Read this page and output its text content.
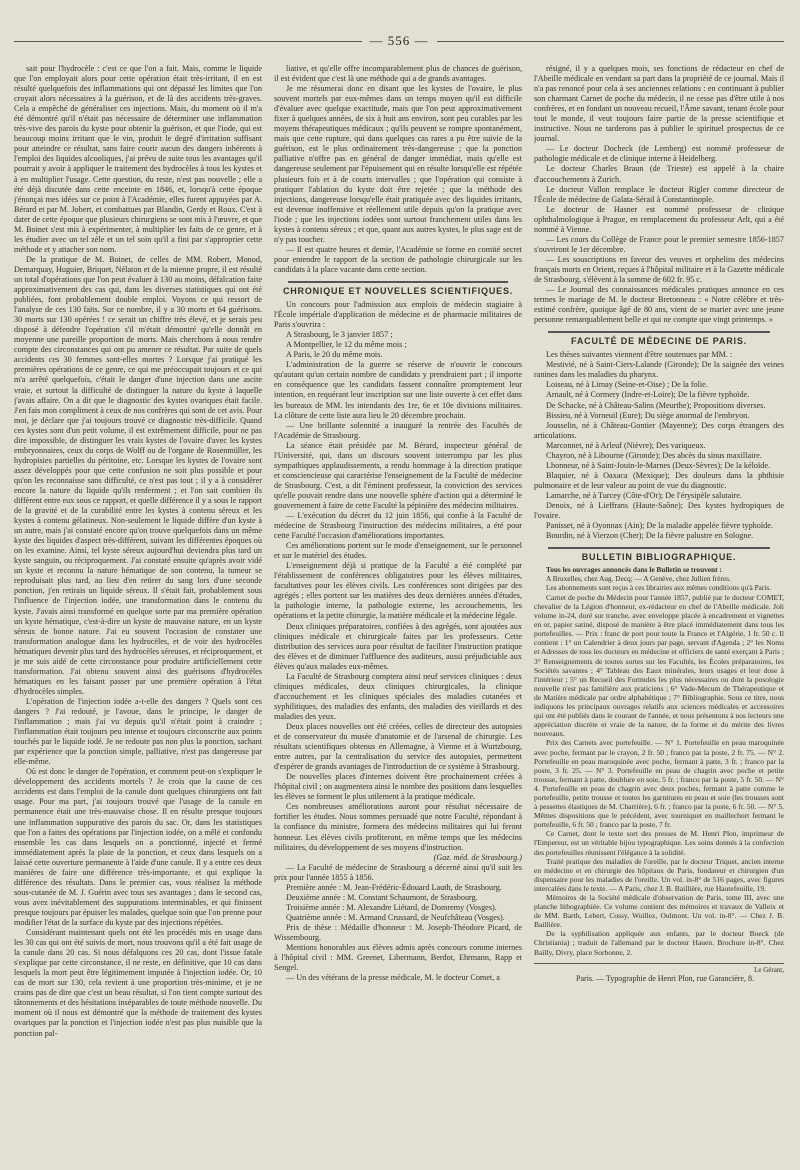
— 556 —

sait pour l'hydrocèle : c'est ce que l'on a fait. Mais, comme le liquide que l'on employait alors pour cette opération était très-irritant, il en est résulté quelquefois des inflammations qui ont dépassé les limites que l'on croyait alors nécessaires à la guérison, et de là des accidents très-graves. Cela a empêché de généraliser ces injections. Mais, du moment où il m'a été démontré qu'il n'était pas nécessaire de déterminer une inflammation très-vive des parois du kyste pour obtenir la guérison, et que l'iode, qui est beaucoup moins irritant que le vin, produit le degré d'irritation suffisant pour atteindre ce résultat, sans faire courir aucun des dangers inhérents à l'emploi des liquides alcooliques, j'ai prévu de suite tous les avantages qu'il pourrait y avoir à appliquer le traitement des hydrocèles à tous les kystes et à en multiplier l'usage. Cette question, du reste, n'est pas nouvelle ; elle a été déjà discutée dans cette enceinte en 1846, et, lorsqu'à cette époque j'énonçai mes idées sur ce point à l'Académie, elles furent appuyées par A. Bérard et par M. Jobert, et combattues par Blandin, Gerdy et Roux. C'est à dater de cette époque que plusieurs chirurgiens se sont mis à l'œuvre, et que M. Boinet s'est mis à expérimenter, à multiplier les faits de ce genre, et à les étudier avec un tel zèle et un tel soin qu'il a fini par s'approprier cette méthode et y attacher son nom.

De la pratique de M. Boinet, de celles de MM. Robert, Monod, Demarquay, Huguier, Briquet, Nélaton et de la mienne propre, il est résulté un total d'opérations que l'on peut évaluer à 130 au moins, défalcation faite approximativement des cas qui, dans les diverses statistiques qui ont été publiées, font probablement double emploi. Voyons ce qui ressort de l'analyse de ces 130 faits. Sur ce nombre, il y a 30 morts et 64 guérisons. 30 morts sur 130 opérées ! ce serait un chiffre très élevé, et je serais peu disposé à défendre l'opération s'il m'était démontré qu'elle donnât en moyenne une pareille proportion de morts. Mais cherchons à nous rendre compte des circonstances qui ont pu amener ce résultat. Par suite de quels accidents ces 30 femmes sont-elles mortes ? Lorsque j'ai pratiqué les premières opérations de ce genre, ce qui me préoccupait toujours et ce qui m'a arrêté quelquefois, c'était le danger d'une injection dans une ascite vraie, et surtout la difficulté de distinguer la nature du kyste à laquelle j'avais affaire. On a dit que le diagnostic des kystes ovariques était facile. J'en fais mon compliment à ceux de nos confrères qui sont de cet avis. Pour moi, je déclare que j'ai toujours trouvé ce diagnostic très-difficile. Quand ces kystes sont d'un petit volume, il est extrêmement difficile, pour ne pas dire impossible, de distinguer les vrais kystes de l'ovaire d'avec les kystes embryonnaires, ceux du corps de Wolff ou de l'organe de Rosenmüller, les hydropisies partielles du péritoine, etc. Lorsque les kystes de l'ovaire sont assez développés pour que cette confusion ne soit plus possible et pour qu'on les reconnaisse sans difficulté, ce n'est pas tout ; il y a à considérer encore la nature du liquide qu'ils renferment ; et l'on sait combien ils diffèrent entre eux sous ce rapport, et quelle différence il y a sous le rapport de la gravité et de la curabilité entre les kystes à contenu séreux et les kystes à contenu gélatineux. Non-seulement le liquide diffère d'un kyste à un autre, mais j'ai constaté encore qu'on trouve quelquefois dans un même kyste des liquides d'aspect très-différent, suivant les différentes époques où on les examine. Ainsi, tel kyste séreux aujourd'hui deviendra plus tard un kyste sanguin, ou réciproquement. J'ai constaté ensuite qu'après avoir vidé un kyste et reconnu la nature hématique de son contenu, la tumeur se reproduisait plus tard, au lieu d'en retirer du sang lors d'une seconde ponction, j'en retirais un liquide séreux. Il s'était fait, probablement sous l'influence de l'injection iodée, une transformation dans le contenu du kyste. J'avais ainsi transformé en quelque sorte par ma première opération un kyste hématique, c'est-à-dire un kyste de mauvaise nature, en un kyste séreux de bonne nature. J'ai eu souvent l'occasion de constater une transformation analogue dans les hydrocèles, et de voir des hydrocèles hématiques devenir plus tard des hydrocèles séreuses, et réciproquement, et je me suis aidé de cette circonstance pour produire artificiellement cette transformation. J'ai obtenu souvent ainsi des guérisons d'hydrocèles hématiques en les faisant passer par une première opération à l'état d'hydrocèles simples.

L'opération de l'injection iodée a-t-elle des dangers ? Quels sont ces dangers ? J'ai redouté, je l'avoue, dans le principe, le danger de l'inflammation ; mais j'ai vu depuis qu'il n'était point à craindre ; l'inflammation était toujours peu intense et toujours circonscrite aux points touchés par le liquide iodé. Je ne redoute pas non plus la ponction, sachant par expérience que la ponction simple, palliative, n'est pas dangereuse par elle-même.

Où est donc le danger de l'opération, et comment peut-on s'expliquer le développement des accidents mortels ? Je crois que la cause de ces accidents est dans l'emploi de la canule dont quelques chirurgiens ont fait usage. Pour ma part, j'ai toujours trouvé que l'usage de la canule en permanence était une très-mauvaise chose. Il en résulte presque toujours une inflammation suppurative des parois du sac. Or, dans les statistiques que l'on a faites des opérations par l'injection iodée, on a mêlé et confondu ensemble les cas dans lesquels on a ponctionné, injecté et fermé immédiatement après la plaie de la ponction, et ceux dans lesquels on a laissé cette ouverture permanente à l'aide d'une canule. Il y a entre ces deux manières de faire une différence très-importante, et qui explique la différence des résultats. Dans le premier cas, vous réalisez la méthode sous-cutanée de M. J. Guérin avec tous ses avantages ; dans le second cas, vous avez inévitablement des suppurations interminables, et qui finissent presque toujours par épuiser les malades, quelque soin que l'on prenne pour modifier l'état de la surface du kyste par des injections répétées.

Considérant maintenant quels ont été les procédés mis en usage dans les 30 cas qui ont été suivis de mort, nous trouvons qu'il a été fait usage de la canule dans 20 cas. Si nous défalquons ces 20 cas, dont l'issue fatale s'explique par cette circonstance, il ne reste, en définitive, que 10 cas dans lesquels la mort peut être légitimement imputée à l'injection iodée. Or, 10 cas de mort sur 130, cela revient à une proportion très-minime, et je ne crains pas de dire que c'est un beau résultat, si l'on tient compte surtout des tâtonnements et des hésitations inséparables de toute méthode nouvelle. Du moment où il nous est démontré que la méthode de traitement des kystes ovariques par la ponction et l'injection iodée n'est pas plus nuisible que la ponction pal-

liative, et qu'elle offre incomparablement plus de chances de guérison, il est évident que c'est là une méthode qui a de grands avantages.

Je me résumerai donc en disant que les kystes de l'ovaire, le plus souvent mortels par eux-mêmes dans un temps moyen qu'il est difficile d'évaluer avec quelque exactitude, mais que l'on peut approximativement fixer à quelques années, de six à huit ans environ, sont peu curables par les moyens thérapeutiques médicaux ; qu'ils peuvent se rompre spontanément, mais que cette rupture, qui dans quelques cas rares a pu être suivie de la guérison, est le plus ordinairement très-dangereuse ; que la ponction palliative n'offre pas en général de danger immédiat, mais qu'elle est dangereuse seulement par l'épuisement qui en résulte lorsqu'elle est répétée plusieurs fois et à de courts intervalles ; que l'opération qui consiste à pratiquer l'ablation du kyste doit être rejetée ; que la méthode des injections, dangereuse lorsqu'elle était pratiquée avec des liquides irritants, est devenue inoffensive et réellement utile depuis qu'on la pratique avec l'iode ; que les injections iodées sont surtout franchement utiles dans les kystes à contenu séreux ; et que, quant aux autres kystes, le plus sage est de n'y pas toucher.

— Il est quatre heures et demie, l'Académie se forme en comité secret pour entendre le rapport de la section de pathologie chirurgicale sur les candidats à la place vacante dans cette section.

CHRONIQUE ET NOUVELLES SCIENTIFIQUES.

Un concours pour l'admission aux emplois de médecin stagiaire à l'École impériale d'application de médecine et de pharmacie militaires de Paris s'ouvrira :

A Strasbourg, le 3 janvier 1857 ;

A Montpellier, le 12 du même mois ;

A Paris, le 20 du même mois.

L'administration de la guerre se réserve de n'ouvrir le concours qu'autant qu'un certain nombre de candidats y prendraient part ; il importe en conséquence que les candidats fassent connaître promptement leur intention, en requérant leur inscription sur une liste ouverte à cet effet dans les bureaux de MM. les intendants des 1re, 6e et 10e divisions militaires. La clôture de cette liste aura lieu le 20 décembre prochain.

— Une brillante solennité a inauguré la rentrée des Facultés de l'Académie de Strasbourg.

La séance était présidée par M. Bérard, inspecteur général de l'Université, qui, dans un discours souvent interrompu par les plus sympathiques applaudissements, a rendu hommage à la direction pratique et consciencieuse qui caractérise l'enseignement de la Faculté de médecine de Strasbourg. C'est, a dit l'éminent professeur, la conviction des services qu'elle pouvait rendre dans une nouvelle sphère d'action qui a déterminé le gouvernement à faire de cette Faculté la pépinière des médecins militaires.

— L'exécution du décret du 12 juin 1856, qui confie à la Faculté de médecine de Strasbourg l'instruction des médecins militaires, a été pour cette Faculté l'occasion d'améliorations importantes.

Ces améliorations portent sur le mode d'enseignement, sur le personnel et sur le matériel des études.

L'enseignement déjà si pratique de la Faculté a été complété par l'établissement de conférences obligatoires pour les élèves militaires, facultatives pour les élèves civils. Les conférences sont dirigées par des agrégés ; elles portent sur les matières des deux dernières années d'études, la pathologie interne, la pathologie externe, les accouchements, les opérations et la petite chirurgie, la matière médicale et la médecine légale.

Deux cliniques préparatoires, confiées à des agrégés, sont ajoutées aux cliniques médicale et chirurgicale faites par les professeurs. Cette distribution des services aura pour résultat de faciliter l'instruction pratique des élèves et de diminuer l'affluence des auditeurs, aussi préjudiciable aux élèves qu'aux malades eux-mêmes.

La Faculté de Strasbourg comptera ainsi neuf services cliniques : deux cliniques médicales, deux cliniques chirurgicales, la clinique d'accouchement et les cliniques spéciales des maladies cutanées et syphilitiques, des maladies des enfants, des maladies des vieillards et des maladies des yeux.

Deux places nouvelles ont été créées, celles de directeur des autopsies et de conservateur du musée d'anatomie et de l'arsenal de chirurgie. Les résultats scientifiques obtenus en Allemagne, à Vienne et à Wurtzbourg, entre autres, par la centralisation du service des autopsies, permettent d'espérer de grands avantages de l'introduction de ce système à Strasbourg.

De nouvelles places d'internes doivent être prochainement créées à l'hôpital civil ; on augmentera ainsi le nombre des positions dans lesquelles les élèves se forment le plus utilement à la pratique médicale.

Ces nombreuses améliorations auront pour résultat nécessaire de fortifier les études. Nous sommes persuadé que notre Faculté, répondant à la confiance du ministre, formera des médecins militaires qui lui feront honneur. Les élèves civils profiteront, en même temps que les médecins militaires, du développement de ses moyens d'instruction.

(Gaz. méd. de Strasbourg.)

— La Faculté de médecine de Strasbourg a décerné ainsi qu'il suit les prix pour l'année 1855 à 1856.

Première année : M. Jean-Frédéric-Édouard Lauth, de Strasbourg.

Deuxième année : M. Constant Schaumont, de Strasbourg.

Troisième année : M. Alexandre Liétard, de Domremy (Vosges).

Quatrième année : M. Armand Crussard, de Neufchâteau (Vosges).

Prix de thèse : Médaille d'honneur : M. Joseph-Théodore Picard, de Wissembourg.

Mentions honorables aux élèves admis après concours comme internes à l'hôpital civil : MM. Greenet, Libermann, Berdot, Ehrmann, Rapp et Sengel.

— Un des vétérans de la presse médicale, M. le docteur Comet, a

résigné, il y a quelques mois, ses fonctions de rédacteur en chef de l'Abeille médicale en vendant sa part dans la propriété de ce journal. Mais il n'a pas renoncé pour cela à ses anciennes relations : en continuant à publier son charmant Carnet de poche du médecin, il ne cesse pas d'être utile à nos confrères, et en fondant un nouveau recueil, l'Âme savant, tenant école pour tout le monde, il veut toujours faire partie de la presse scientifique et instructive. Nous ne tarderons pas à publier le spirituel prospectus de ce journal.

— Le docteur Docheck (de Lemberg) est nommé professeur de pathologie médicale et de clinique interne à Heidelberg.

Le docteur Charles Braun (de Trieste) est appelé à la chaire d'accouchements à Zurich.

Le docteur Vallon remplace le docteur Rigler comme directeur de l'École de médecine de Galata-Sérail à Constantinople.

Le docteur de Hasner est nommé professeur de clinique ophthalmologique à Prague, en remplacement du professeur Arlt, qui a été nommé à Vienne.

— Les cours du Collège de France pour le premier semestre 1856-1857 s'ouvriront le 1er décembre.

— Les souscriptions en faveur des veuves et orphelins des médecins français morts en Orient, reçues à l'hôpital militaire et à la Gazette médicale de Strasbourg, s'élèvent à la somme de 602 fr. 95 c.

— Le Journal des connaissances médicales pratiques annonce en ces termes le mariage de M. le docteur Bretonneau : « Notre célèbre et très-estimé confrère, quoique âgé de 80 ans, vient de se marier avec une jeune personne remarquablement belle et qui ne compte que vingt printemps. »

FACULTÉ DE MÉDECINE DE PARIS.

Les thèses suivantes viennent d'être soutenues par MM. :

Mestivié, né à Saint-Ciers-Lalande (Gironde); De la saignée des veines ranines dans les maladies du pharynx.

Loiseau, né à Limay (Seine-et-Oise) ; De la folie.

Arnault, né à Cormery (Indre-et-Loire); De la fièvre typhoïde.

De Schacke, né à Château-Salins (Meurthe); Propositions diverses.

Bissieu, né à Vorneuil (Eure); Du siège anormal de l'embryon.

Jousselin, né à Château-Gontier (Mayenne); Des corps étrangers des articulations.

Marconnet, né à Arleuf (Nièvre); Des variqueux.

Chayron, né à Libourne (Gironde); Des abcès du sinus maxillaire.

Lhonneur, né à Saint-Jouin-le-Marnes (Deux-Sèvres); De la kéloïde.

Blaquier, né à Oaxaca (Mexique); Des douleurs dans la phthisie pulmonaire et de leur valeur au point de vue du diagnostic.

Lamarche, né à Turcey (Côte-d'Or); De l'érysipèle salutaire.

Denoix, né à Lieffrans (Haute-Saône); Des kystes hydropiques de l'ovaire.

Panisset, né à Oyonnax (Ain); De la maladie appelée fièvre typhoïde.

Bourdin, né à Vierzon (Cher); De la fièvre palustre en Sologne.

BULLETIN BIBLIOGRAPHIQUE.

Tous les ouvrages annoncés dans le Bulletin se trouvent :

A Bruxelles, chez Aug. Decq; — A Genève, chez Jullien frères.

Les abonnements sont reçus à ces librairies aux mêmes conditions qu'à Paris.

Carnet de poche du Médecin pour l'année 1857, publié par le docteur COMET, chevalier de la Légion d'honneur, ex-rédacteur en chef de l'Abeille médicale. Joli volume in-24, doré sur tranche, avec enveloppe placée à encadrement et vignettes en or, papier satiné, disposé de manière à être placé immédiatement dans tous les portefeuilles. — Prix : franc de port pour toute la France et l'Algérie, 1 fr. 50 c. Il contient : 1° un Calendrier à deux jours par page, servant d'Agenda ; 2° les Noms et Adresses de tous les docteurs en médecine et officiers de santé exerçant à Paris ; 3° Renseignements de toutes sortes sur les Facultés, les Écoles préparatoires, les Sociétés savantes ; 4° Tableau des Eaux minérales, leurs usages et leur dose à l'intérieur ; 5° un Recueil des Formules les plus nécessaires ou dont la posologie nouvelle n'est pas familière aux praticiens ; 6° Vade-Mecum de Thérapeutique et de Matière médicale par ordre alphabétique ; 7° Bibliographie. Sous ce titre, nous indiquons les principaux ouvrages relatifs aux sciences médicales et accessoires qui ont été publiés dans le courant de l'année, et nous présentons à nos lecteurs une appréciation discrète et vraie de la nature, de la forme et du mérite des livres nouveaux.

Prix des Carnets avec portefeuille. — N° 1. Portefeuille en peau maroquinée avec poche, fermant par le crayon, 2 fr. 50 ; franco par la poste, 2 fr. 75. — N° 2. Portefeuille en peau maroquinée avec poche, fermant à patte, 3 fr. ; franco par la poste, 3 fr. 25. — N° 3. Portefeuille en peau de chagrin avec poche et petite trousse, fermant à patte, doublure en soie, 5 fr. ; franco par la poste, 5 fr. 50. — N° 4. Portefeuille en peau de chagrin avec deux poches, fermant à patte comme le portefeuille, petite trousse et toutes les garnitures en peau et soie (les trousses sont à pessettes élastiques de M. Charrière), 6 fr. ; franco par la poste, 6 fr. 50. — N° 5. Mêmes dispositions que le précédent, avec tourniquet en maillechort fermant le portefeuille, 6 fr. 50 ; franco par la poste, 7 fr.

Ce Carnet, dont le texte sort des presses de M. Henri Plon, imprimeur de l'Empereur, est un véritable bijou typographique. Les soins donnés à la confection des portefeuilles réunissent l'élégance à la solidité.

Traité pratique des maladies de l'oreille, par le docteur Triquet, ancien interne en médecine et en chirurgie des hôpitaux de Paris, fondateur et chirurgien d'un dispensaire pour les maladies de l'oreille. Un vol. in-8° de 516 pages, avec figures intercalées dans le texte. — A Paris, chez J. B. Baillière, rue Hautefeuille, 19.

Mémoires de la Société médicale d'observation de Paris, tome III, avec une planche lithographiée. Ce volume contient des mémoires et travaux de Valleix et de MM. Barth, Lebert, Cossy, Woillez, Oulmont. Un vol. in-8°. — Chez J. B. Baillière.

De la syphilisation appliquée aux enfants, par le docteur Boeck (de Christiania) ; traduit de l'allemand par le docteur Hauen. Brochure in-8°. Chez Bailly, Divry, place Sorbonne, 2.

Le Gérant,

Paris. — Typographie de Henri Plon, rue Garancière, 8.
